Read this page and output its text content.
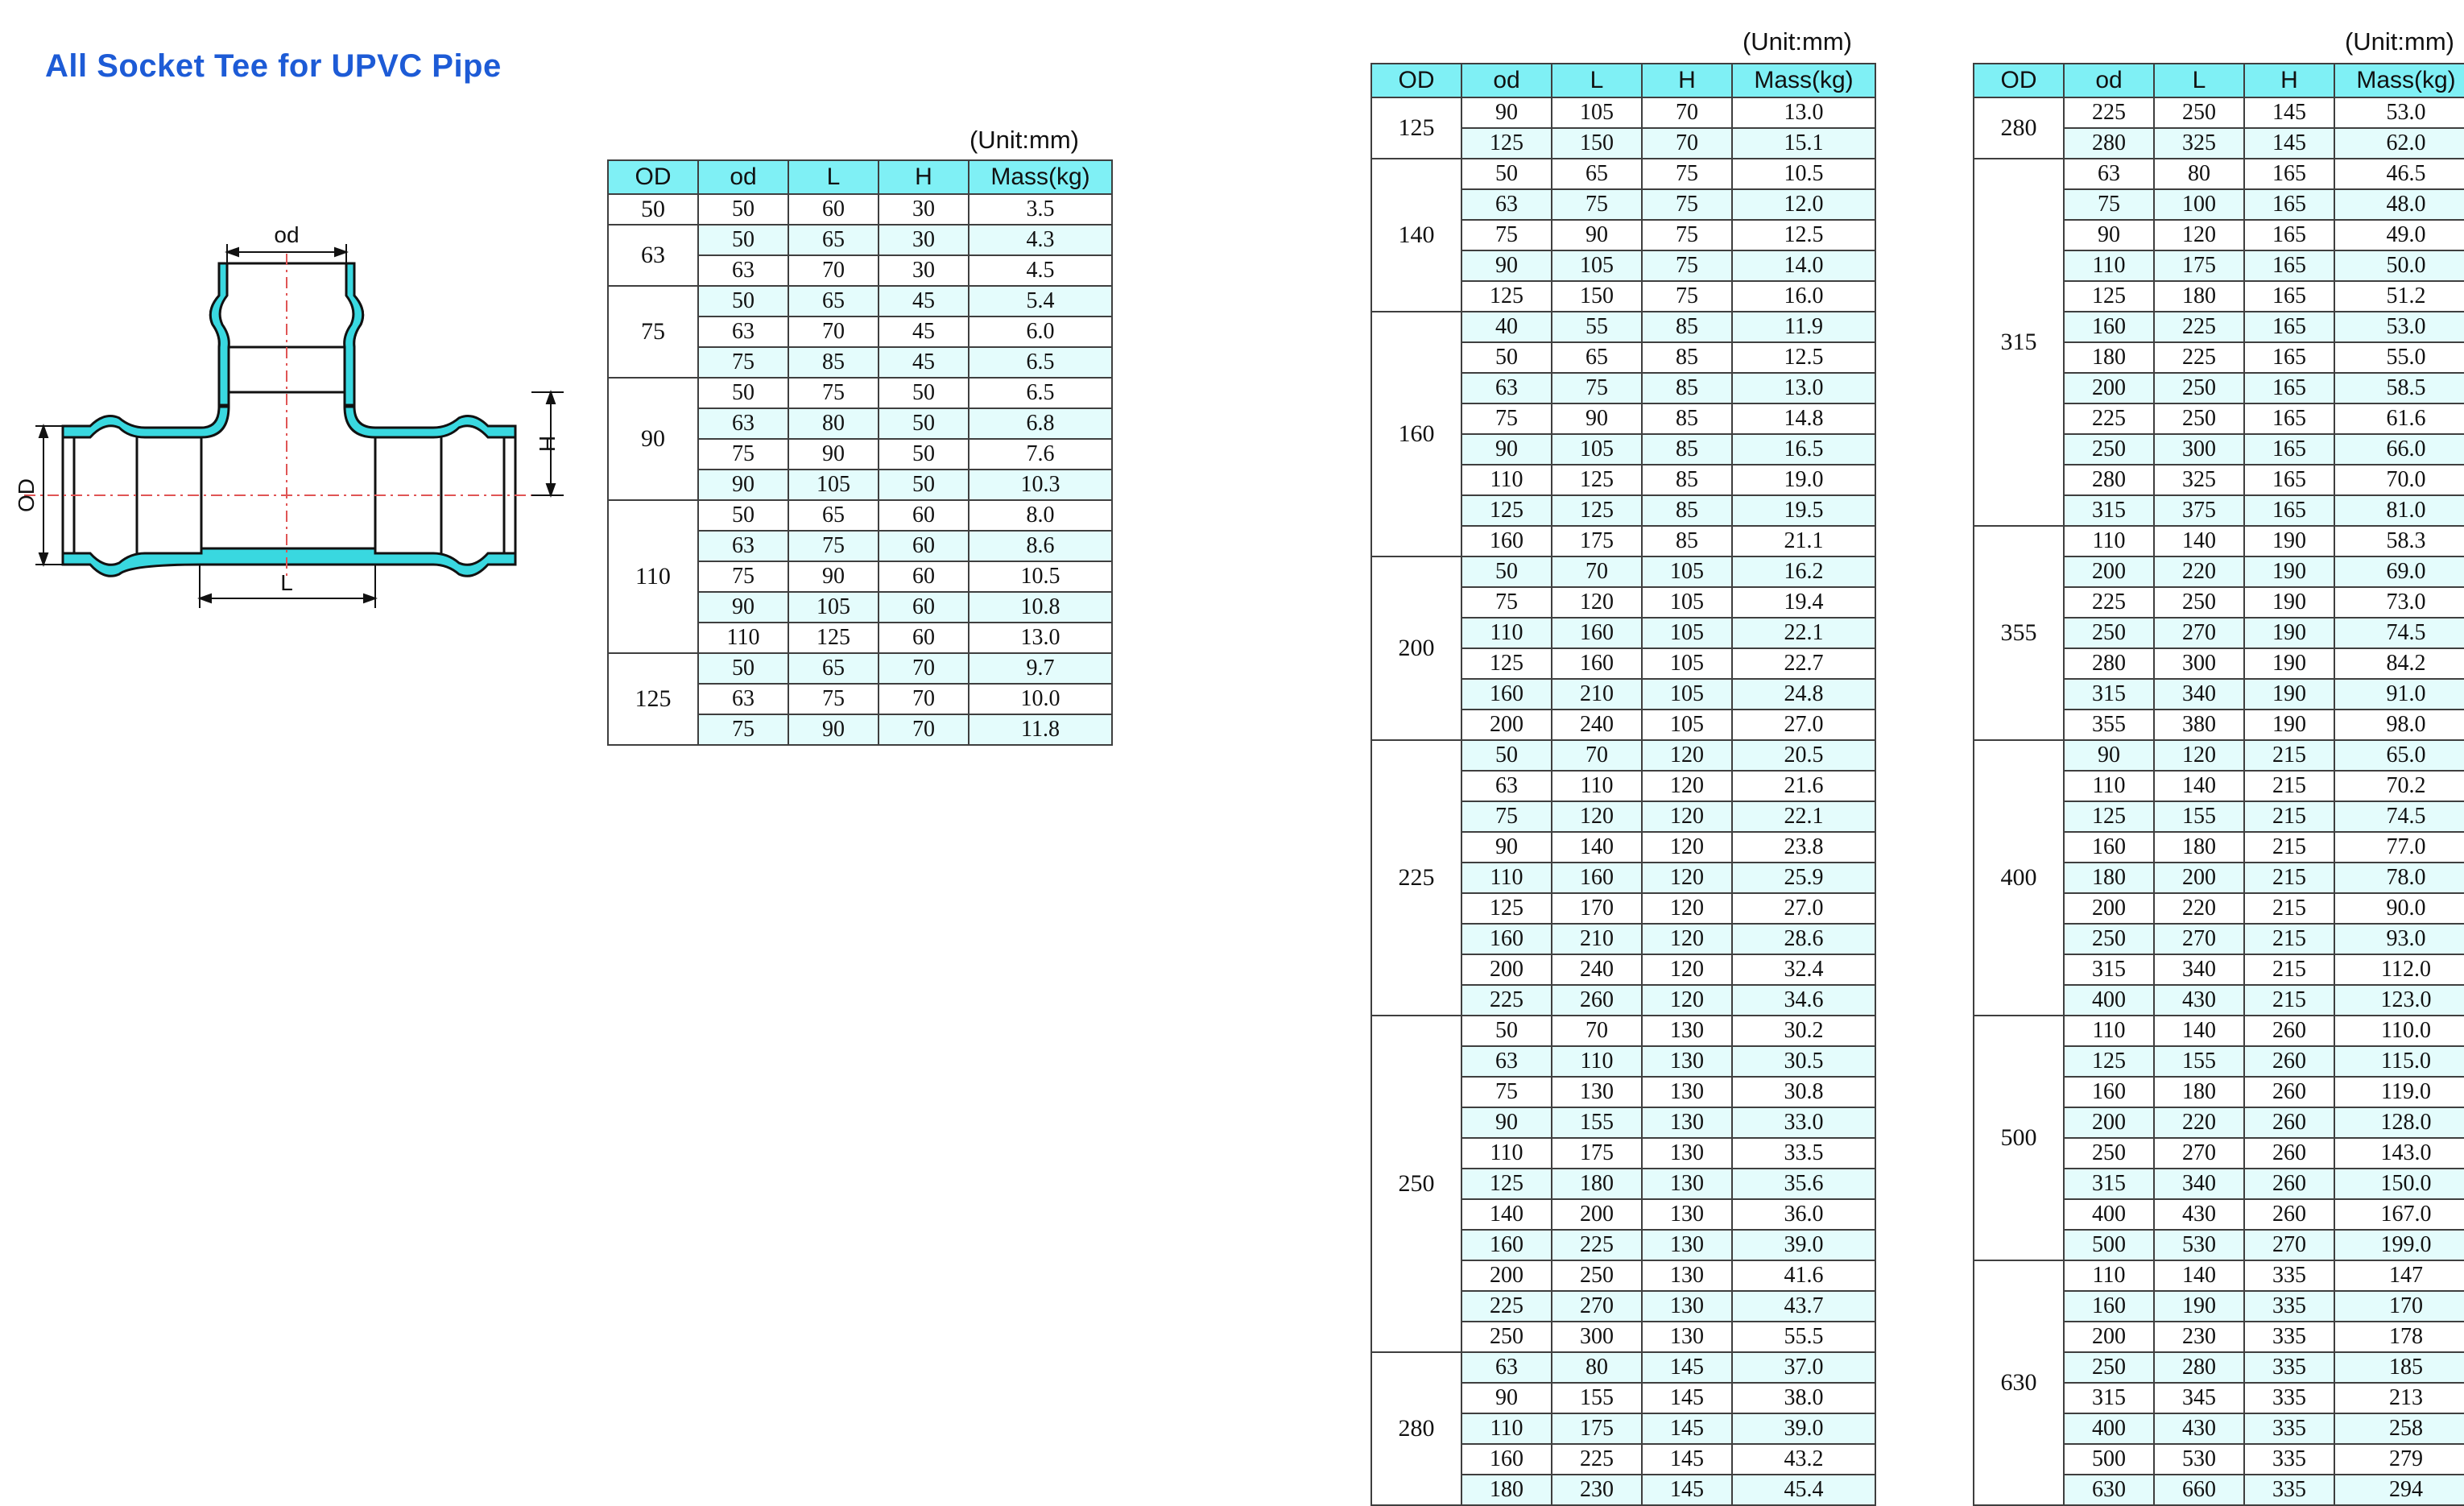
All Socket Tee for UPVC Pipe
od
OD
H
L
(Unit:mm)
OD	od	L	H	Mass(kg)
50	50	60	30	3.5
63	50	65	30	4.3
	63	70	30	4.5
75	50	65	45	5.4
	63	70	45	6.0
	75	85	45	6.5
90	50	75	50	6.5
	63	80	50	6.8
	75	90	50	7.6
	90	105	50	10.3
110	50	65	60	8.0
	63	75	60	8.6
	75	90	60	10.5
	90	105	60	10.8
	110	125	60	13.0
125	50	65	70	9.7
	63	75	70	10.0
	75	90	70	11.8
(Unit:mm)
OD	od	L	H	Mass(kg)
125	90	105	70	13.0
	125	150	70	15.1
140	50	65	75	10.5
	63	75	75	12.0
	75	90	75	12.5
	90	105	75	14.0
	125	150	75	16.0
160	40	55	85	11.9
	50	65	85	12.5
	63	75	85	13.0
	75	90	85	14.8
	90	105	85	16.5
	110	125	85	19.0
	125	125	85	19.5
	160	175	85	21.1
200	50	70	105	16.2
	75	120	105	19.4
	110	160	105	22.1
	125	160	105	22.7
	160	210	105	24.8
	200	240	105	27.0
225	50	70	120	20.5
	63	110	120	21.6
	75	120	120	22.1
	90	140	120	23.8
	110	160	120	25.9
	125	170	120	27.0
	160	210	120	28.6
	200	240	120	32.4
	225	260	120	34.6
250	50	70	130	30.2
	63	110	130	30.5
	75	130	130	30.8
	90	155	130	33.0
	110	175	130	33.5
	125	180	130	35.6
	140	200	130	36.0
	160	225	130	39.0
	200	250	130	41.6
	225	270	130	43.7
	250	300	130	55.5
280	63	80	145	37.0
	90	155	145	38.0
	110	175	145	39.0
	160	225	145	43.2
	180	230	145	45.4
(Unit:mm)
OD	od	L	H	Mass(kg)
280	225	250	145	53.0
	280	325	145	62.0
315	63	80	165	46.5
	75	100	165	48.0
	90	120	165	49.0
	110	175	165	50.0
	125	180	165	51.2
	160	225	165	53.0
	180	225	165	55.0
	200	250	165	58.5
	225	250	165	61.6
	250	300	165	66.0
	280	325	165	70.0
	315	375	165	81.0
355	110	140	190	58.3
	200	220	190	69.0
	225	250	190	73.0
	250	270	190	74.5
	280	300	190	84.2
	315	340	190	91.0
	355	380	190	98.0
400	90	120	215	65.0
	110	140	215	70.2
	125	155	215	74.5
	160	180	215	77.0
	180	200	215	78.0
	200	220	215	90.0
	250	270	215	93.0
	315	340	215	112.0
	400	430	215	123.0
500	110	140	260	110.0
	125	155	260	115.0
	160	180	260	119.0
	200	220	260	128.0
	250	270	260	143.0
	315	340	260	150.0
	400	430	260	167.0
	500	530	270	199.0
630	110	140	335	147
	160	190	335	170
	200	230	335	178
	250	280	335	185
	315	345	335	213
	400	430	335	258
	500	530	335	279
	630	660	335	294
